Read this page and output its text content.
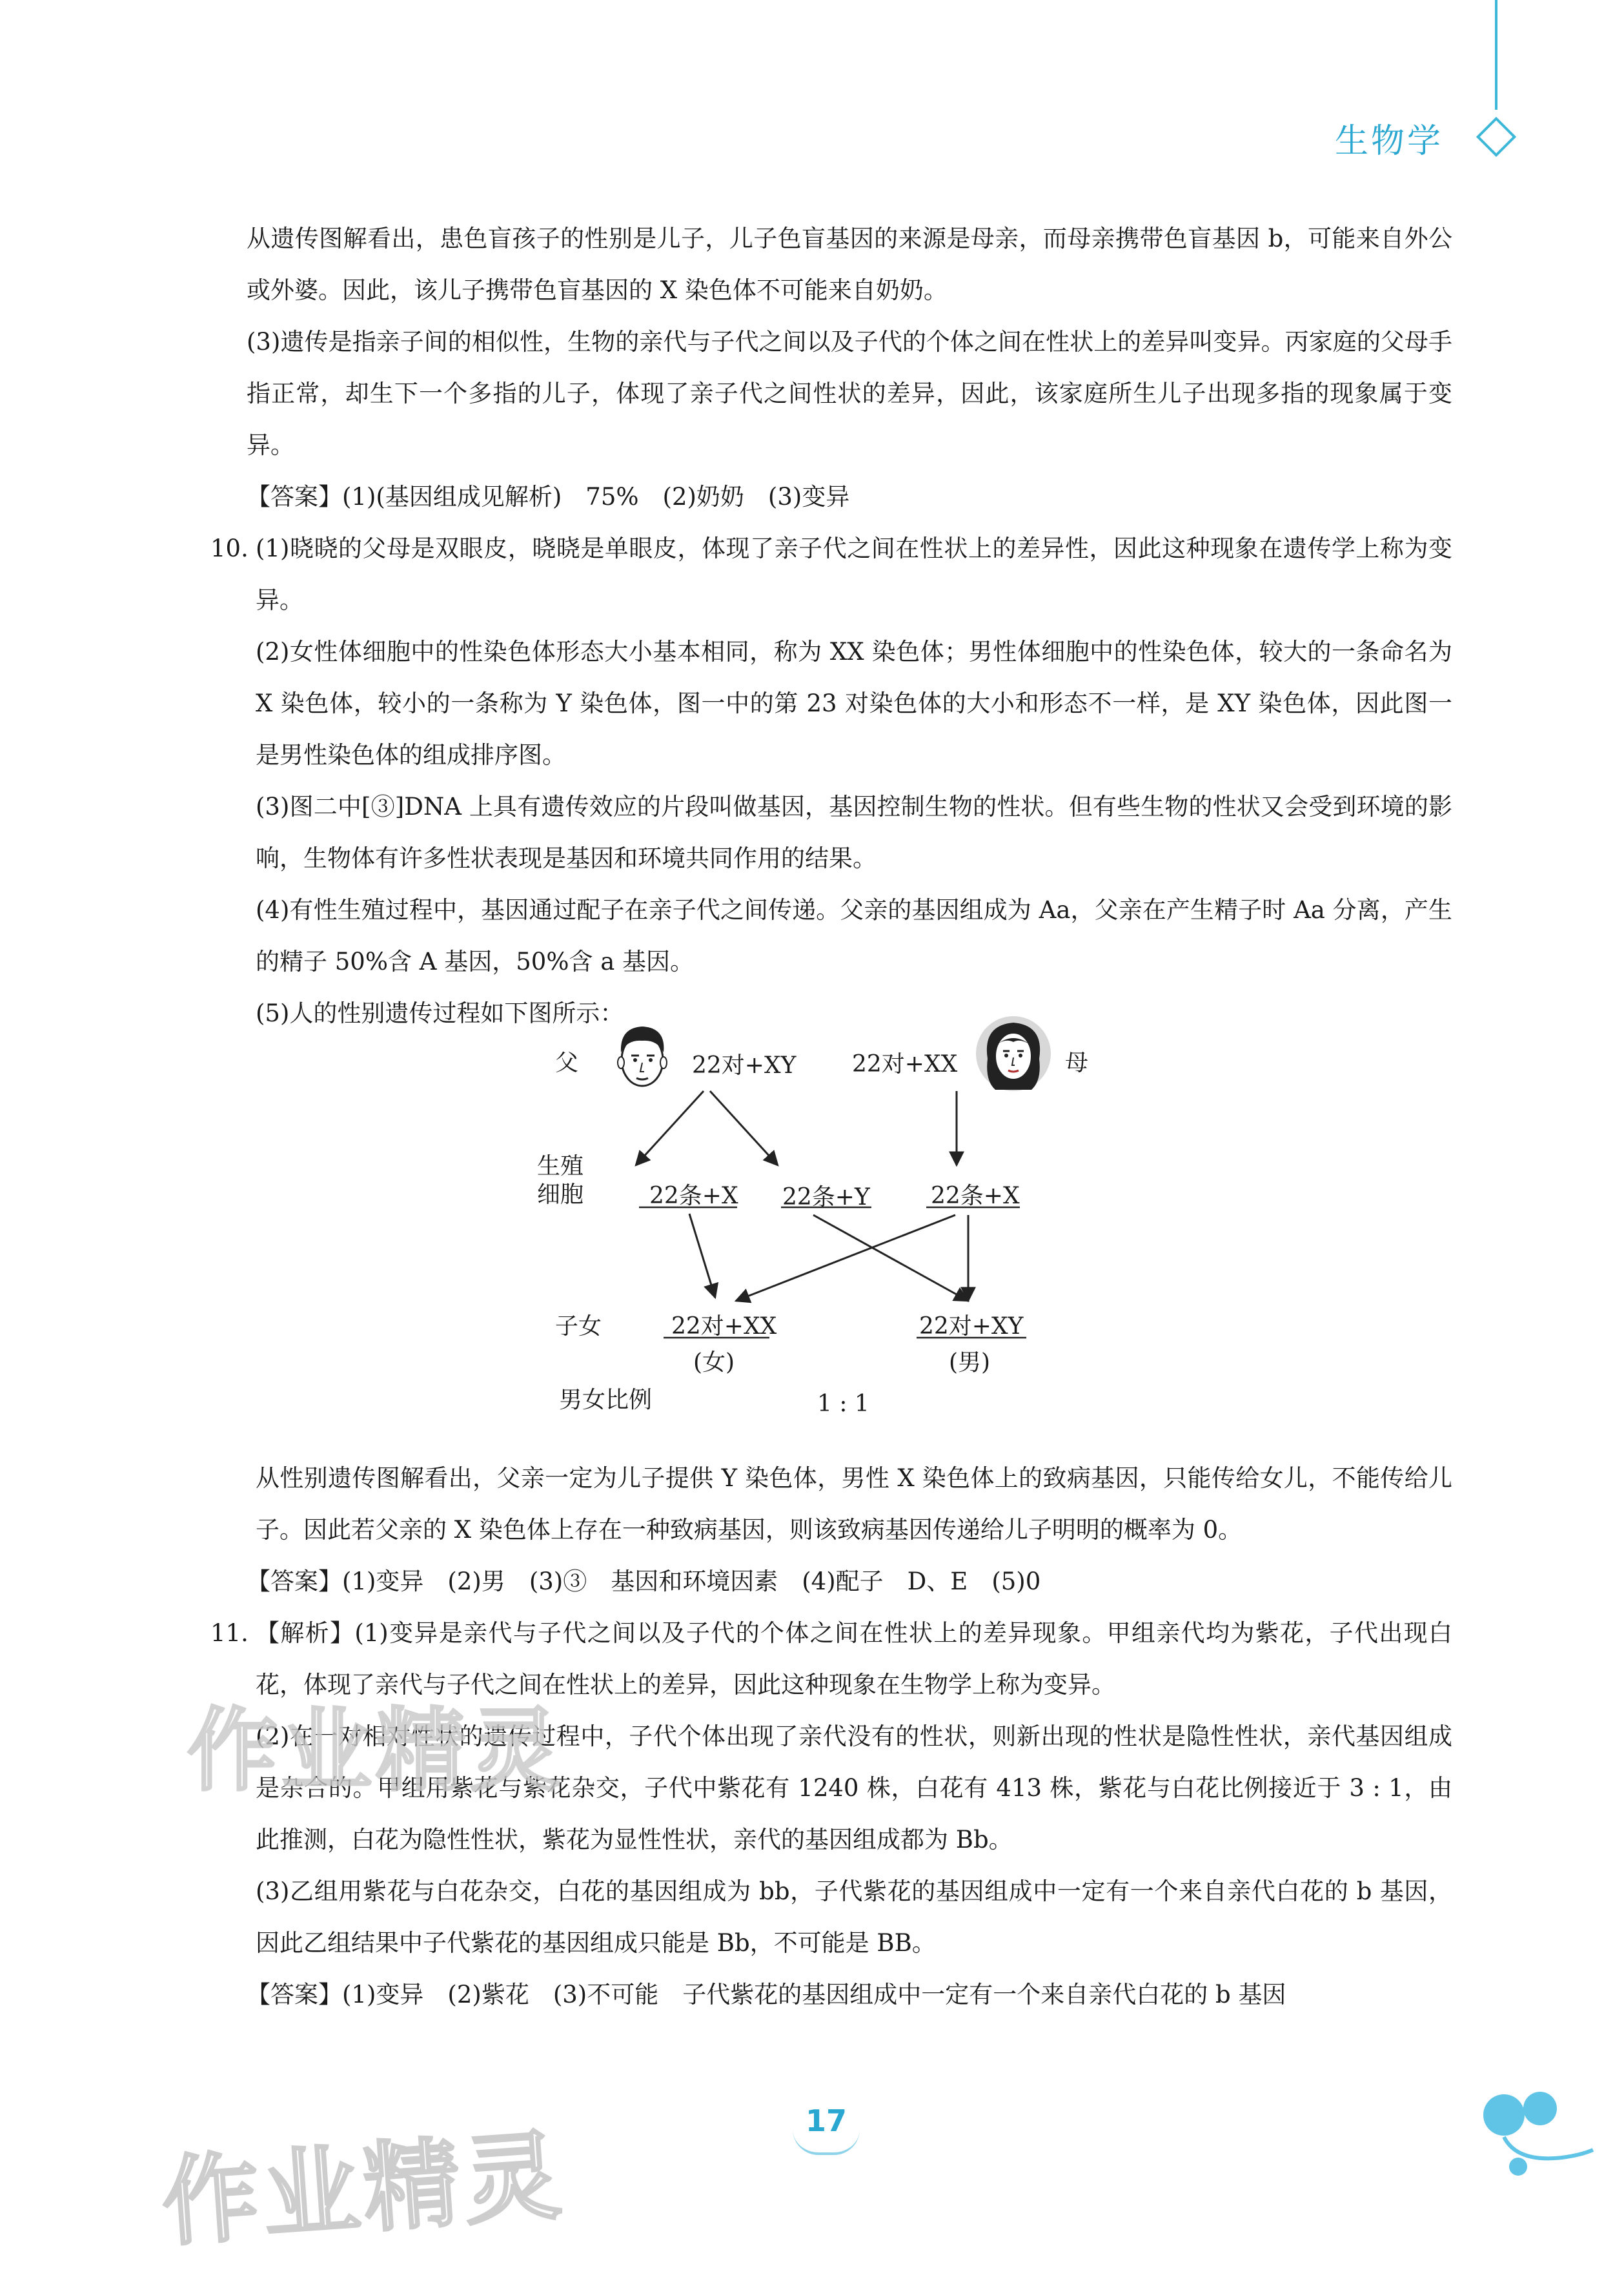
生物学

从遗传图解看出，患色盲孩子的性别是儿子，儿子色盲基因的来源是母亲，而母亲携带色盲基因 b，可能来自外公或外婆。因此，该儿子携带色盲基因的 X 染色体不可能来自奶奶。

(3)遗传是指亲子间的相似性，生物的亲代与子代之间以及子代的个体之间在性状上的差异叫变异。丙家庭的父母手指正常，却生下一个多指的儿子，体现了亲子代之间性状的差异，因此，该家庭所生儿子出现多指的现象属于变异。

【答案】(1)(基因组成见解析)　75%　(2)奶奶　(3)变异

10. (1)晓晓的父母是双眼皮，晓晓是单眼皮，体现了亲子代之间在性状上的差异性，因此这种现象在遗传学上称为变异。

(2)女性体细胞中的性染色体形态大小基本相同，称为 XX 染色体；男性体细胞中的性染色体，较大的一条命名为 X 染色体，较小的一条称为 Y 染色体，图一中的第 23 对染色体的大小和形态不一样，是 XY 染色体，因此图一是男性染色体的组成排序图。

(3)图二中[③]DNA 上具有遗传效应的片段叫做基因，基因控制生物的性状。但有些生物的性状又会受到环境的影响，生物体有许多性状表现是基因和环境共同作用的结果。

(4)有性生殖过程中，基因通过配子在亲子代之间传递。父亲的基因组成为 Aa，父亲在产生精子时 Aa 分离，产生的精子 50%含 A 基因，50%含 a 基因。

(5)人的性别遗传过程如下图所示：

从性别遗传图解看出，父亲一定为儿子提供 Y 染色体，男性 X 染色体上的致病基因，只能传给女儿，不能传给儿子。因此若父亲的 X 染色体上存在一种致病基因，则该致病基因传递给儿子明明的概率为 0。

【答案】(1)变异　(2)男　(3)③　基因和环境因素　(4)配子　D、E　(5)0

11. 【解析】(1)变异是亲代与子代之间以及子代的个体之间在性状上的差异现象。甲组亲代均为紫花，子代出现白花，体现了亲代与子代之间在性状上的差异，因此这种现象在生物学上称为变异。

(2)在一对相对性状的遗传过程中，子代个体出现了亲代没有的性状，则新出现的性状是隐性性状，亲代基因组成是杂合的。甲组用紫花与紫花杂交，子代中紫花有 1240 株，白花有 413 株，紫花与白花比例接近于 3 : 1，由此推测，白花为隐性性状，紫花为显性性状，亲代的基因组成都为 Bb。

(3)乙组用紫花与白花杂交，白花的基因组成为 bb，子代紫花的基因组成中一定有一个来自亲代白花的 b 基因，因此乙组结果中子代紫花的基因组成只能是 Bb，不可能是 BB。

【答案】(1)变异　(2)紫花　(3)不可能　子代紫花的基因组成中一定有一个来自亲代白花的 b 基因

父	22对+XY 22对+XX	母
生殖
细胞	22条+X 22条+Y	22条+X
子女	22对+XX
(女)
22对+XY
(男)
男女比例	1 : 1
17
作业精灵
作业精灵
